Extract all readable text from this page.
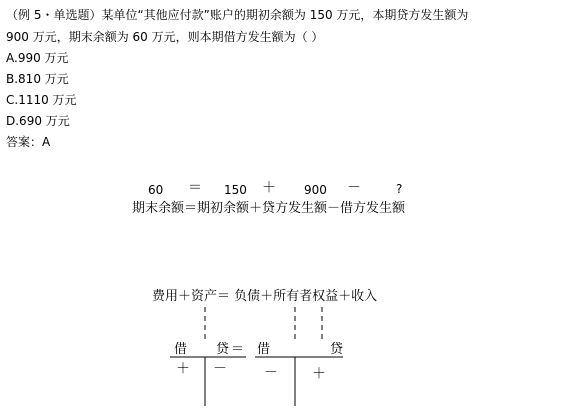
（例 5・单选题）某单位“其他应付款”账户的期初余额为 150 万元，本期贷方发生额为
900 万元，期末余额为 60 万元，则本期借方发生额为（ ）
A.990 万元
B.810 万元
C.1110 万元
D.690 万元
答案：A
60 ＝ 150 ＋ 900 －	?
期末余额＝期初余额＋贷方发生额－借方发生额
费用＋资产＝ 负债＋所有者权益＋收入
借 贷 ＝ 借	贷
＋ －	－ ＋
